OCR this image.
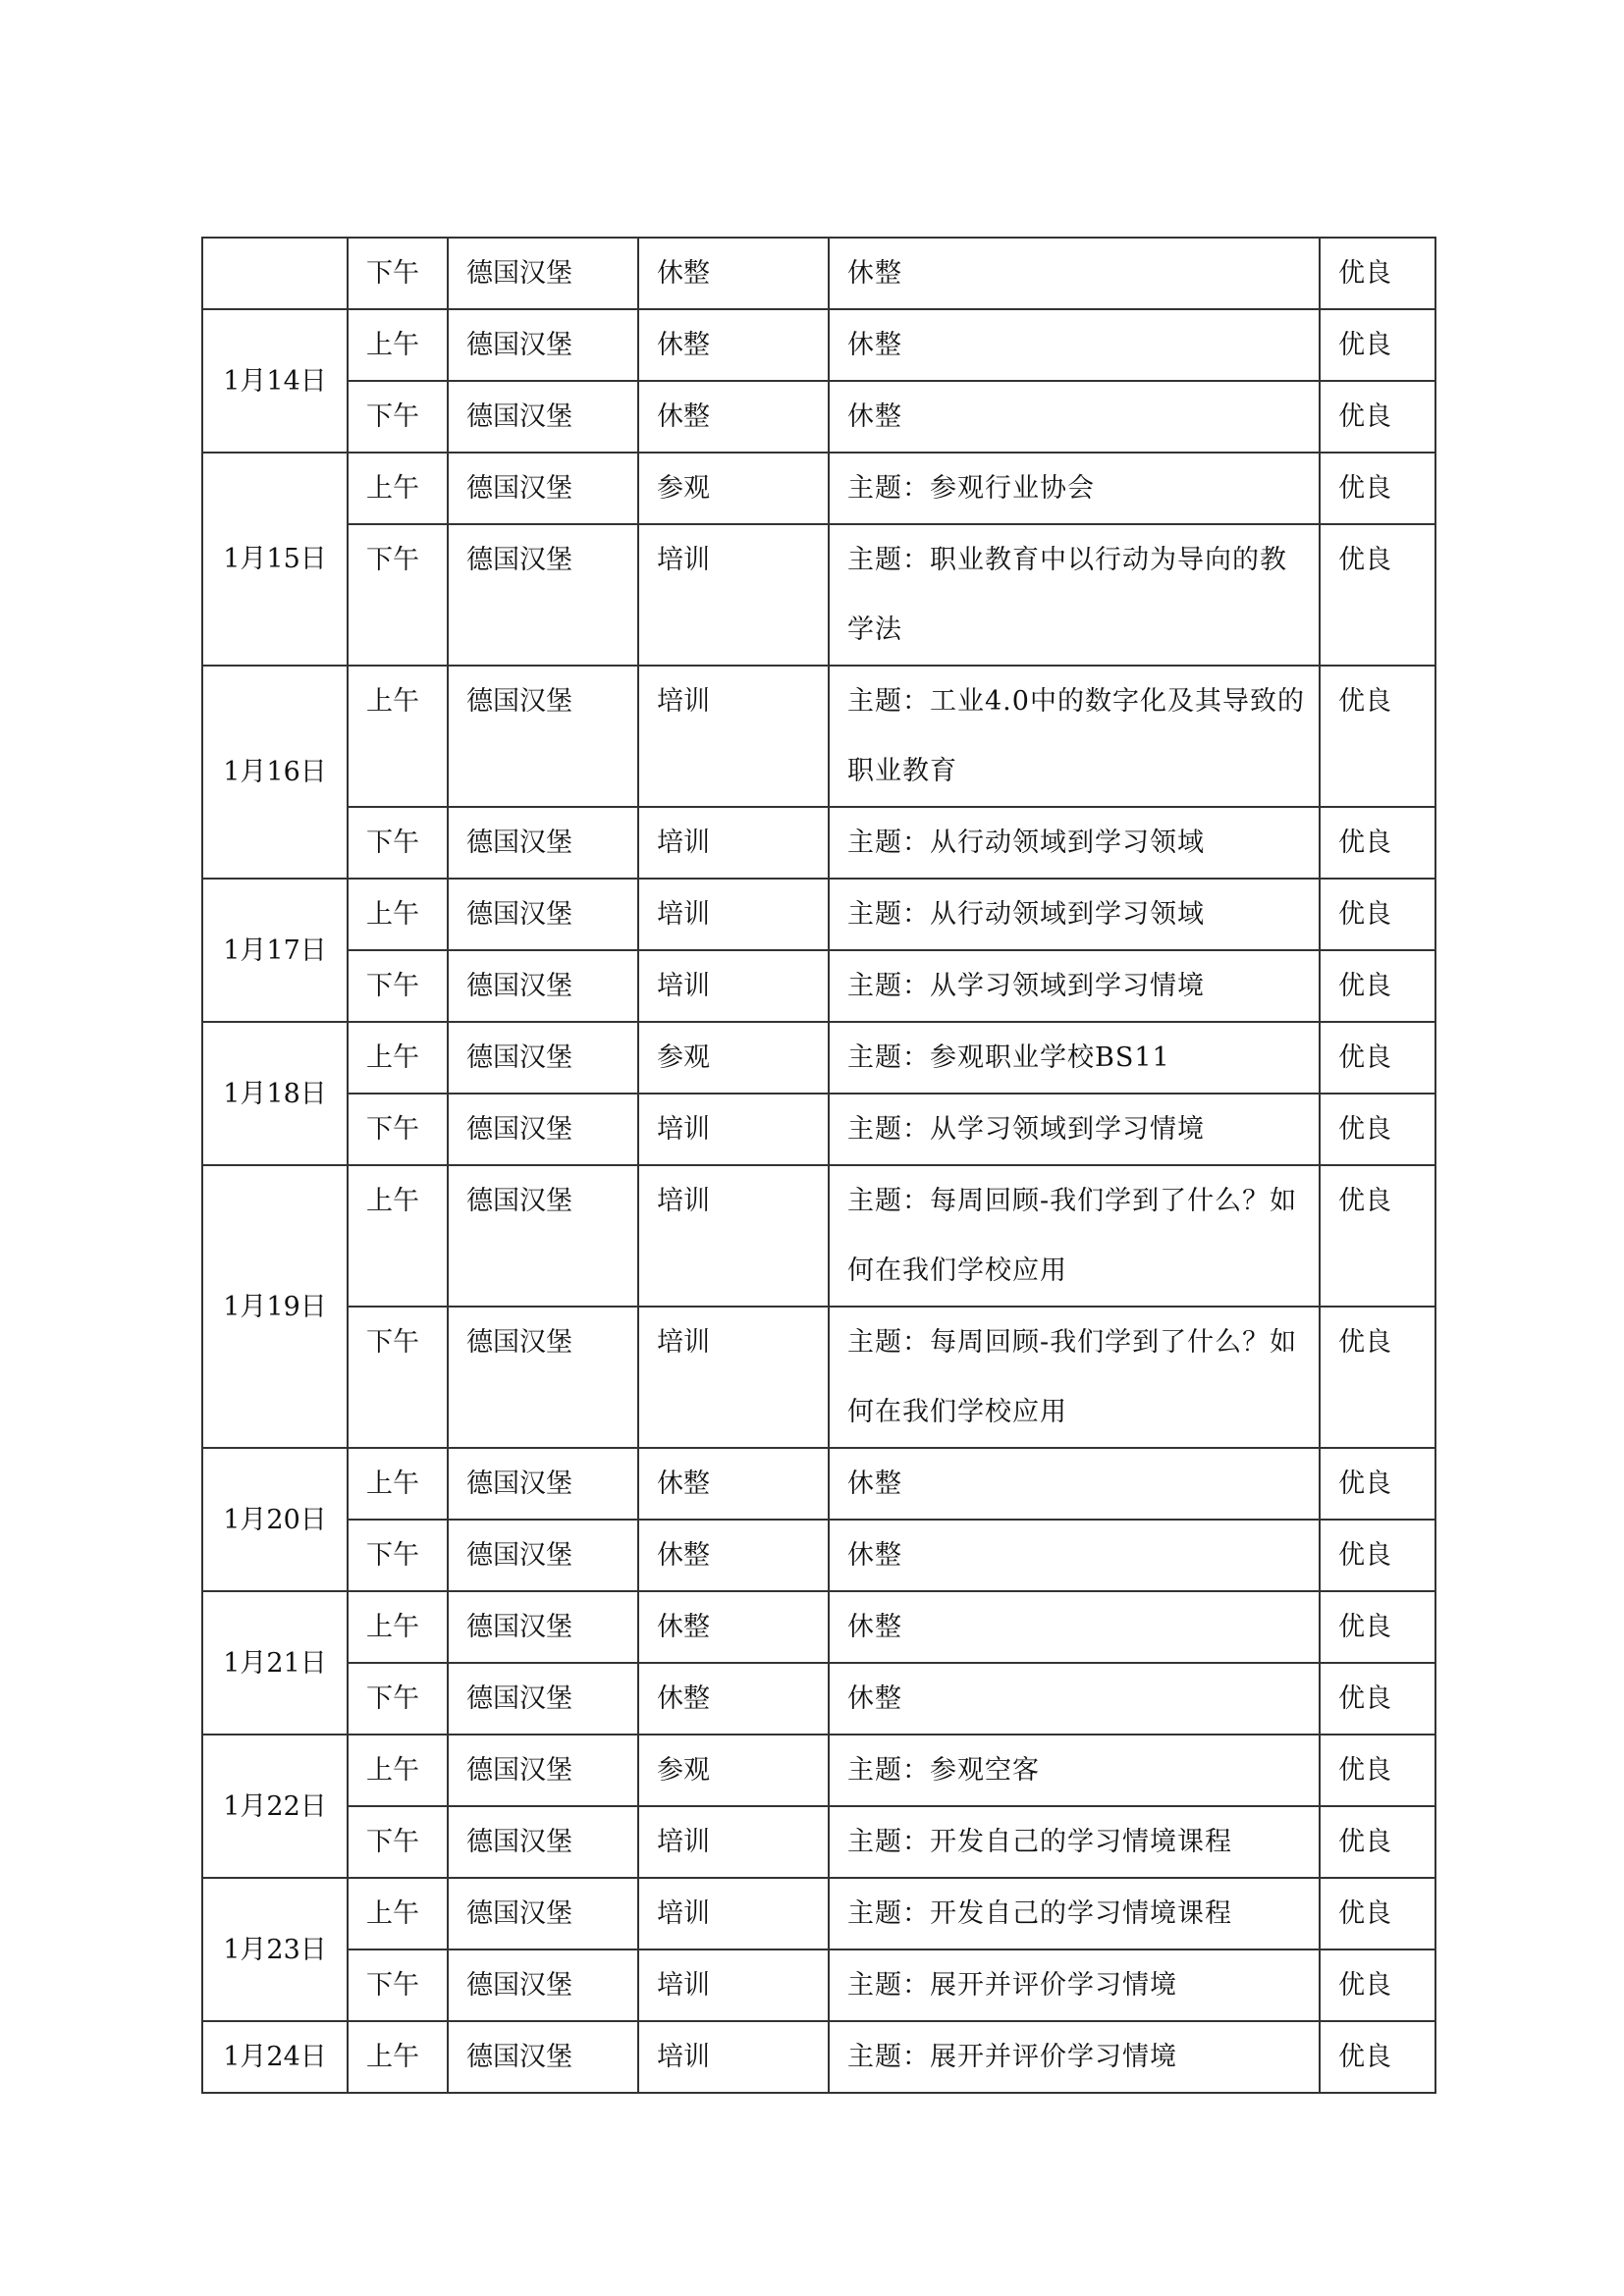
	下午	德国汉堡	休整	休整	优良
1月14日	上午	德国汉堡	休整	休整	优良
	下午	德国汉堡	休整	休整	优良
1月15日	上午	德国汉堡	参观	主题：参观行业协会	优良
	下午	德国汉堡	培训	主题：职业教育中以行动为导向的教学法	优良
1月16日	上午	德国汉堡	培训	主题：工业4.0中的数字化及其导致的职业教育	优良
	下午	德国汉堡	培训	主题：从行动领域到学习领域	优良
1月17日	上午	德国汉堡	培训	主题：从行动领域到学习领域	优良
	下午	德国汉堡	培训	主题：从学习领域到学习情境	优良
1月18日	上午	德国汉堡	参观	主题：参观职业学校BS11	优良
	下午	德国汉堡	培训	主题：从学习领域到学习情境	优良
1月19日	上午	德国汉堡	培训	主题：每周回顾-我们学到了什么？如何在我们学校应用	优良
	下午	德国汉堡	培训	主题：每周回顾-我们学到了什么？如何在我们学校应用	优良
1月20日	上午	德国汉堡	休整	休整	优良
	下午	德国汉堡	休整	休整	优良
1月21日	上午	德国汉堡	休整	休整	优良
	下午	德国汉堡	休整	休整	优良
1月22日	上午	德国汉堡	参观	主题：参观空客	优良
	下午	德国汉堡	培训	主题：开发自己的学习情境课程	优良
1月23日	上午	德国汉堡	培训	主题：开发自己的学习情境课程	优良
	下午	德国汉堡	培训	主题：展开并评价学习情境	优良
1月24日	上午	德国汉堡	培训	主题：展开并评价学习情境	优良
